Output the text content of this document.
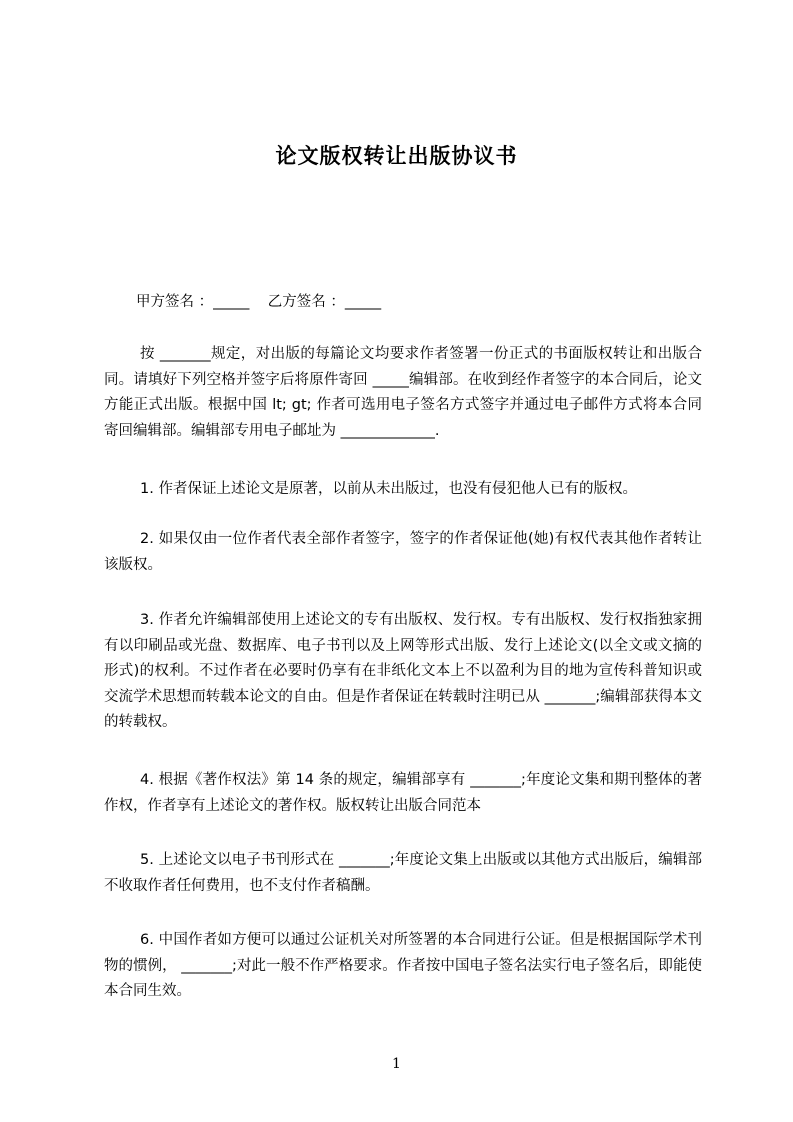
论文版权转让出版协议书
甲方签名 ：_____    乙方签名 ：_____

按 _______规定，对出版的每篇论文均要求作者签署一份正式的书面版权转让和出版合同。请填好下列空格并签字后将原件寄回 _____编辑部。在收到经作者签字的本合同后，论文方能正式出版。根据中国 lt; gt; 作者可选用电子签名方式签字并通过电子邮件方式将本合同寄回编辑部。编辑部专用电子邮址为 _____________.

1. 作者保证上述论文是原著，以前从未出版过，也没有侵犯他人已有的版权。

2. 如果仅由一位作者代表全部作者签字，签字的作者保证他(她)有权代表其他作者转让该版权。

3. 作者允许编辑部使用上述论文的专有出版权、发行权。专有出版权、发行权指独家拥有以印刷品或光盘、数据库、电子书刊以及上网等形式出版、发行上述论文(以全文或文摘的形式)的权利。不过作者在必要时仍享有在非纸化文本上不以盈利为目的地为宣传科普知识或交流学术思想而转载本论文的自由。但是作者保证在转载时注明已从 _______;编辑部获得本文的转载权。

4. 根据《著作权法》第 14 条的规定，编辑部享有 _______;年度论文集和期刊整体的著作权，作者享有上述论文的著作权。版权转让出版合同范本

5. 上述论文以电子书刊形式在 _______;年度论文集上出版或以其他方式出版后，编辑部不收取作者任何费用，也不支付作者稿酬。

6. 中国作者如方便可以通过公证机关对所签署的本合同进行公证。但是根据国际学术刊物的惯例， _______;对此一般不作严格要求。作者按中国电子签名法实行电子签名后，即能使本合同生效。

1
